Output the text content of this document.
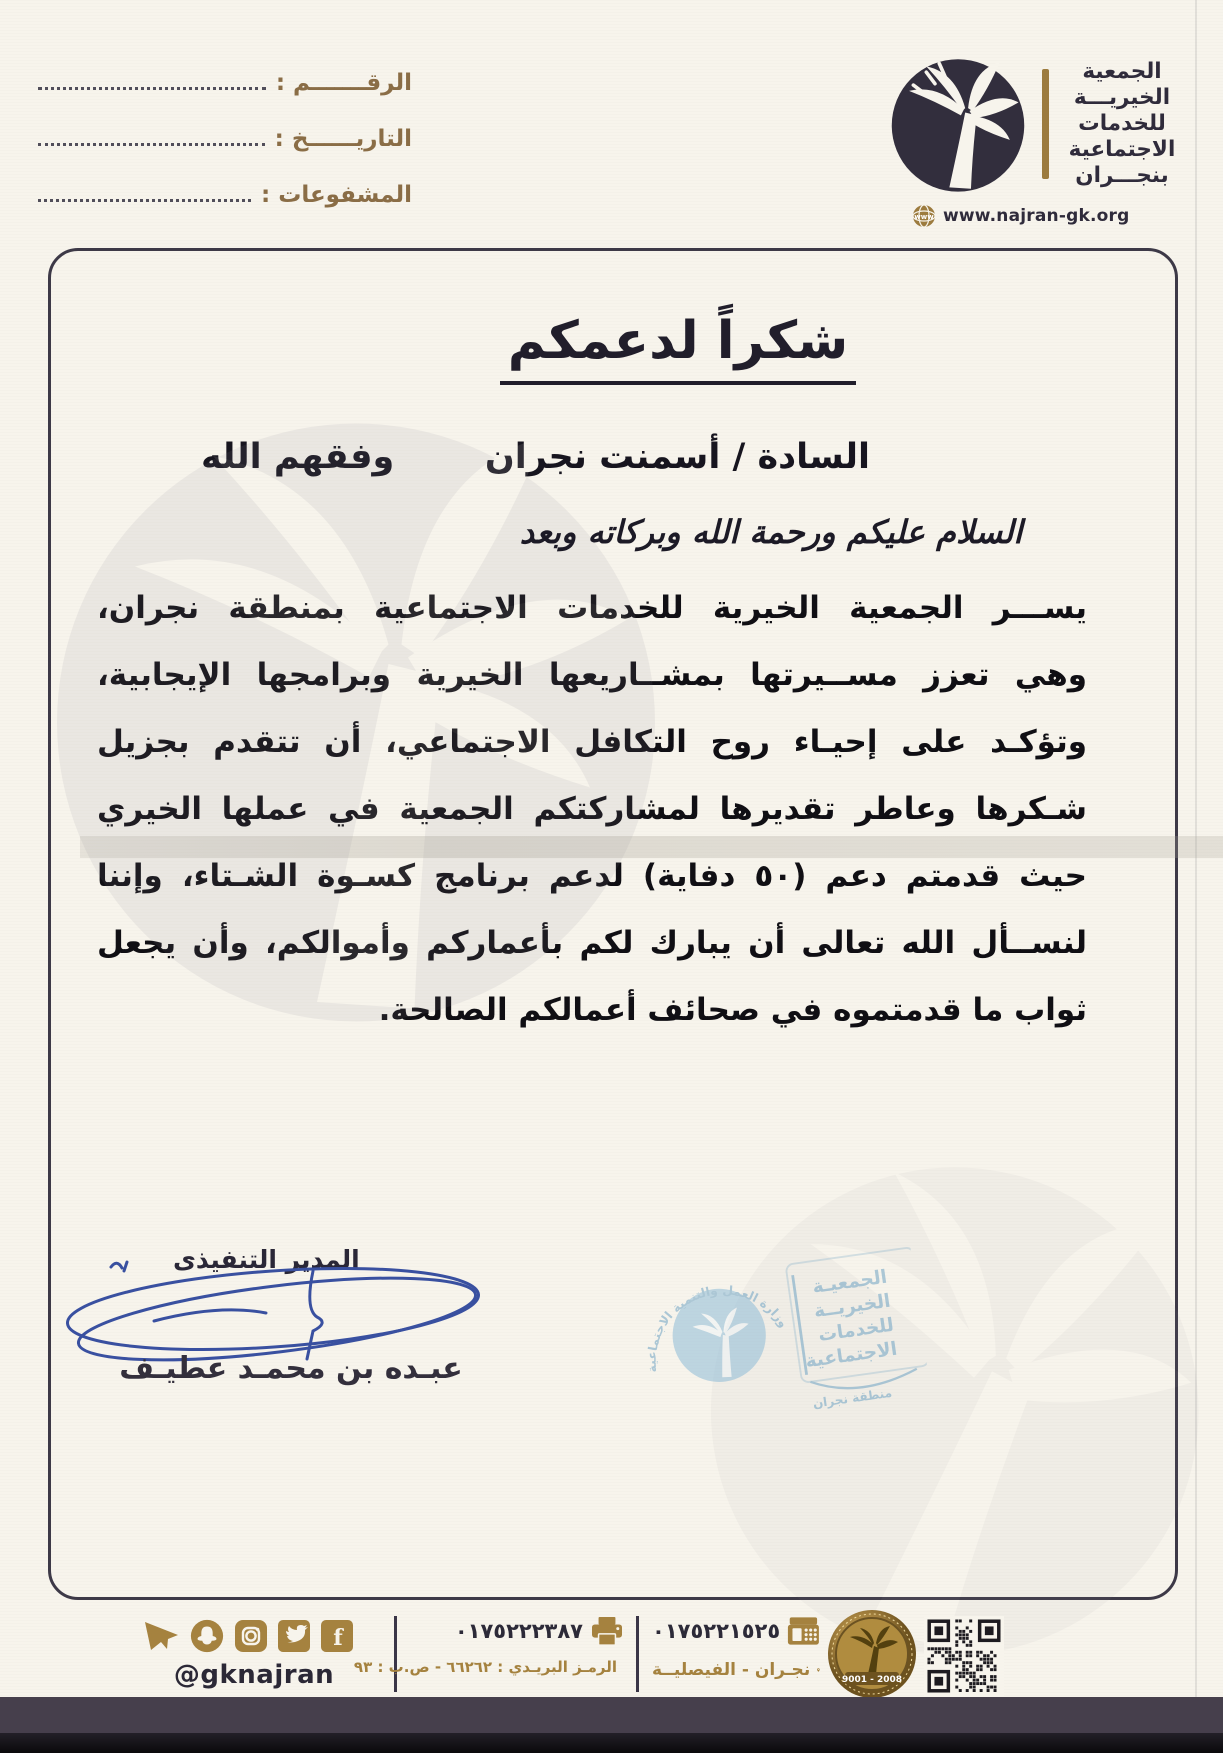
الرقـــــــم :
التاريــــــخ :
المشفوعات :
الجمعية
الخيريـــة
للخدمات
الاجتماعية
بنجـــران
www www.najran-gk.org
شكراً لدعمكم
السادة / أسمنت نجران
وفقهم الله
السلام عليكم ورحمة الله وبركاته وبعد

يســـر الجمعية الخيرية للخدمات الاجتماعية بمنطقة نجران،

وهي تعزز مســيرتها بمشــاريعها الخيرية وبرامجها الإيجابية،

وتؤكـد على إحيـاء روح التكافل الاجتماعي، أن تتقدم بجزيل

شـكرها وعاطر تقديرها لمشاركتكم الجمعية في عملها الخيري

حيث قدمتم دعم (٥٠ دفاية) لدعم برنامج كسـوة الشـتاء، وإننا

لنســأل الله تعالى أن يبارك لكم بأعماركم وأموالكم، وأن يجعل

ثواب ما قدمتموه في صحائف أعمالكم الصالحة.

المدير التنفيذى
عبـده بن محمـد عطيـف	وزارة العمل والتنمية الاجتماعية
الجمعيـة
الخيريــة
للخدمات
الاجتماعية
منطقة نجران
f
@gknajran
٠١٧٥٢٢٢٣٨٧
الرمـز البريـدي : ٦٦٢٦٢ - ص.ب : ٩٣
٠١٧٥٢٢١٥٢٥
نجـران - الفيصليــة	9001 - 2008
